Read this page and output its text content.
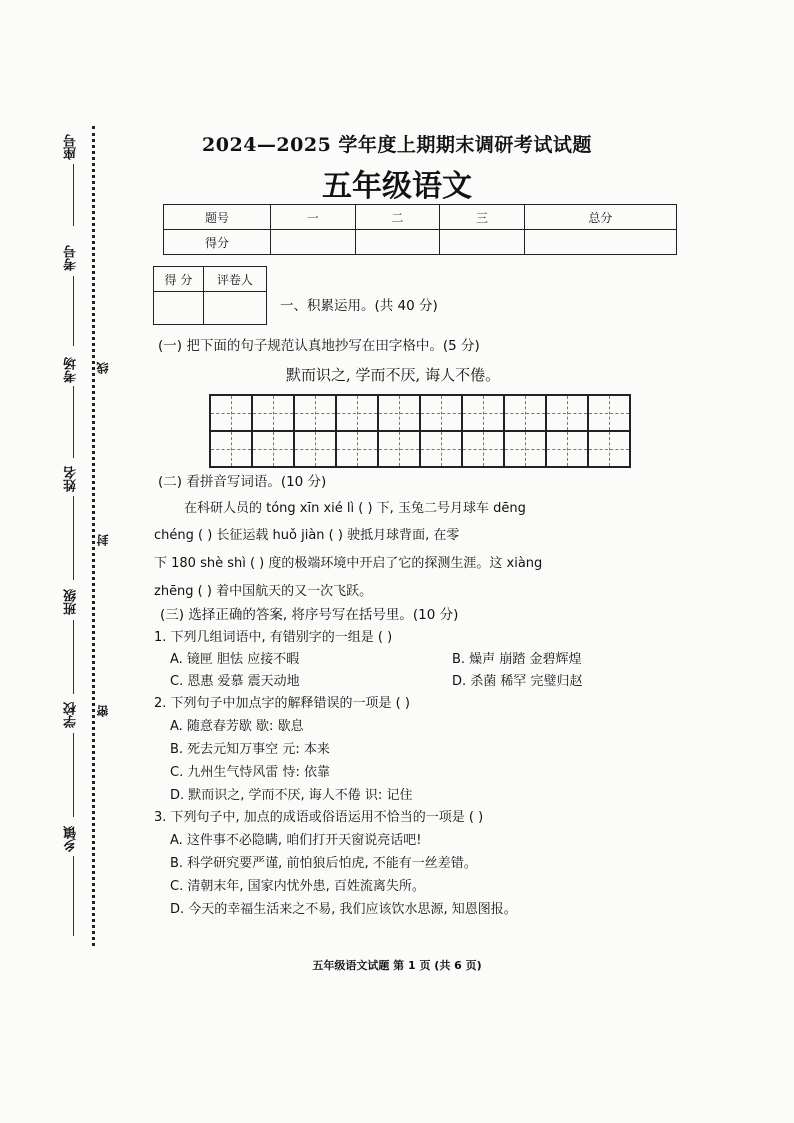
座号
考号
考场
姓名
班级
学校
乡镇
线
封
密
2024—2025 学年度上期期末调研考试试题
五年级语文
题号	一	二	三	总分
得分				
得 分	评卷人

一、积累运用。(共 40 分)
(一) 把下面的句子规范认真地抄写在田字格中。(5 分)
默而识之, 学而不厌, 诲人不倦。
(二) 看拼音写词语。(10 分)
在科研人员的 tóng xīn xié lì ( ) 下, 玉兔二号月球车 dēng
chéng ( ) 长征运载 huǒ jiàn ( ) 驶抵月球背面, 在零
下 180 shè shì ( ) 度的极端环境中开启了它的探测生涯。这 xiàng
zhēng ( ) 着中国航天的又一次飞跃。
(三) 选择正确的答案, 将序号写在括号里。(10 分)
1. 下列几组词语中, 有错别字的一组是 ( )
A. 镜匣 胆怯 应接不暇	B. 燥声 崩踏 金碧辉煌
C. 恩惠 爱慕 震天动地	D. 杀菌 稀罕 完璧归赵
2. 下列句子中加点字的解释错误的一项是 ( )
A. 随意春芳歇 歇: 歇息
B. 死去元知万事空 元: 本来
C. 九州生气恃风雷 恃: 依靠
D. 默而识之, 学而不厌, 诲人不倦 识: 记住
3. 下列句子中, 加点的成语或俗语运用不恰当的一项是 ( )
A. 这件事不必隐瞒, 咱们打开天窗说亮话吧!
B. 科学研究要严谨, 前怕狼后怕虎, 不能有一丝差错。
C. 清朝末年, 国家内忧外患, 百姓流离失所。
D. 今天的幸福生活来之不易, 我们应该饮水思源, 知恩图报。
五年级语文试题 第 1 页 (共 6 页)
